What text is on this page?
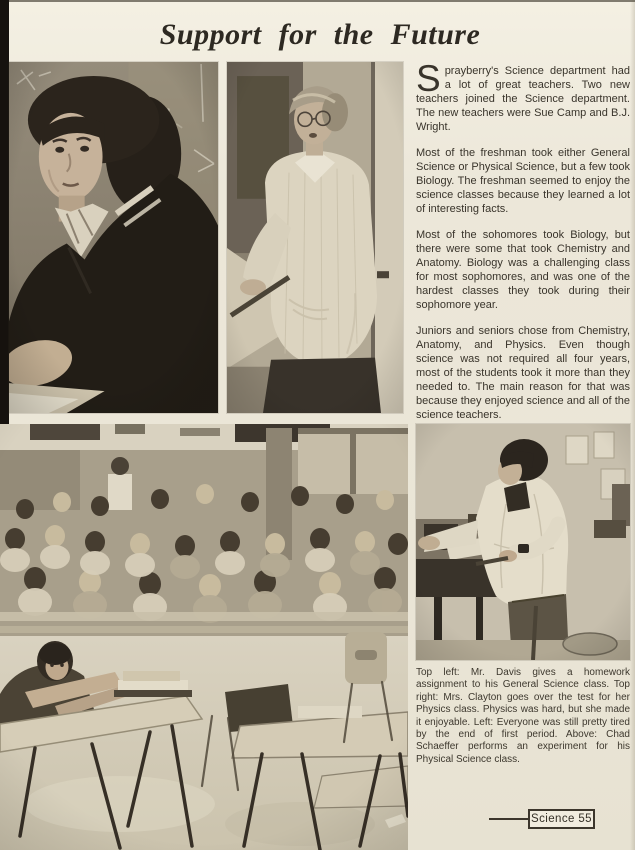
Support for the Future

Sprayberry's Science department had a lot of great teachers. Two new teachers joined the Science department. The new teachers were Sue Camp and B.J. Wright.

Most of the freshman took either General Science or Physical Science, but a few took Biology. The freshman seemed to enjoy the science classes because they learned a lot of interesting facts.

Most of the sohomores took Biology, but there were some that took Chemistry and Anatomy. Biology was a challenging class for most sophomores, and was one of the hardest classes they took during their sophomore year.

Juniors and seniors chose from Chemistry, Anatomy, and Physics. Even though science was not required all four years, most of the students took it more than they needed to. The main reason for that was because they enjoyed science and all of the science teachers.

Top left: Mr. Davis gives a homework assignment to his General Science class. Top right: Mrs. Clayton goes over the test for her Physics class. Physics was hard, but she made it enjoyable. Left: Everyone was still pretty tired by the end of first period. Above: Chad Schaeffer performs an experiment for his Physical Science class.

Science 55
